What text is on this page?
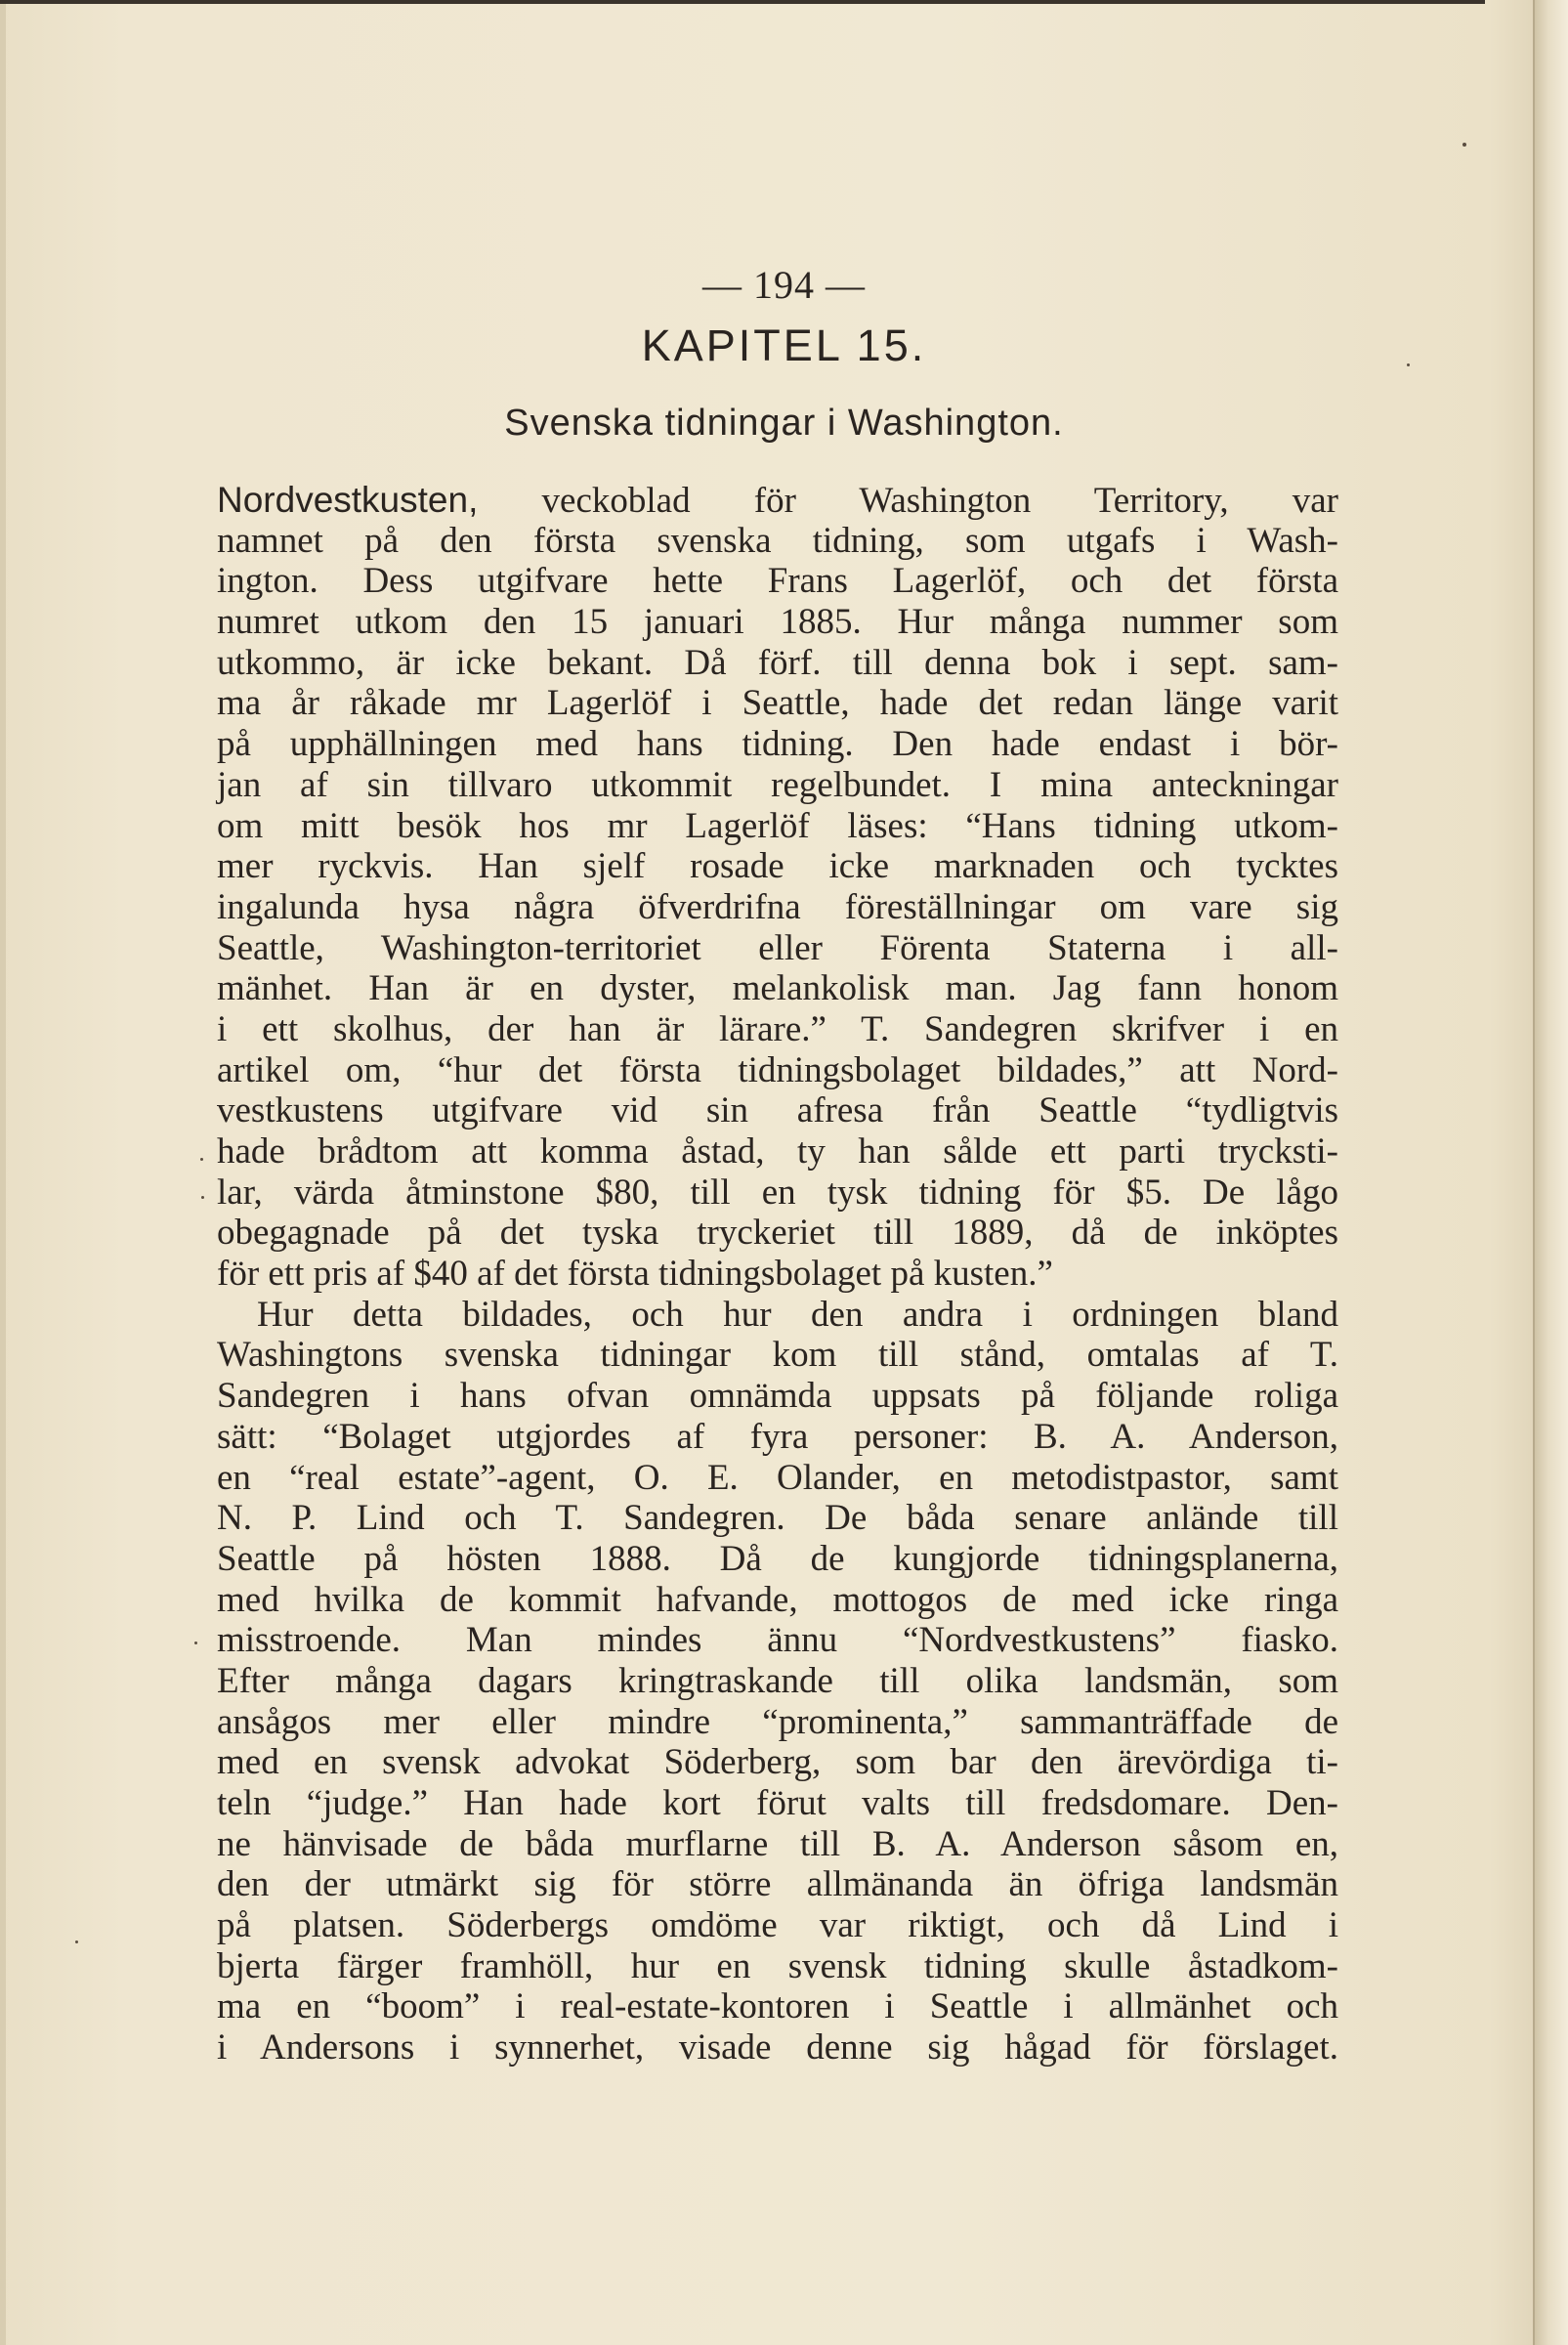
— 194 —
KAPITEL 15.
Svenska tidningar i Washington.
Nordvestkusten, veckoblad för Washington Territory, var
namnet på den första svenska tidning, som utgafs i Wash-
ington. Dess utgifvare hette Frans Lagerlöf, och det första
numret utkom den 15 januari 1885. Hur många nummer som
utkommo, är icke bekant. Då förf. till denna bok i sept. sam-
ma år råkade mr Lagerlöf i Seattle, hade det redan länge varit
på upphällningen med hans tidning. Den hade endast i bör-
jan af sin tillvaro utkommit regelbundet. I mina anteckningar
om mitt besök hos mr Lagerlöf läses: “Hans tidning utkom-
mer ryckvis. Han sjelf rosade icke marknaden och tycktes
ingalunda hysa några öfverdrifna föreställningar om vare sig
Seattle, Washington-territoriet eller Förenta Staterna i all-
mänhet. Han är en dyster, melankolisk man. Jag fann honom
i ett skolhus, der han är lärare.” T. Sandegren skrifver i en
artikel om, “hur det första tidningsbolaget bildades,” att Nord-
vestkustens utgifvare vid sin afresa från Seattle “tydligtvis
hade brådtom att komma åstad, ty han sålde ett parti trycksti-
lar, värda åtminstone $80, till en tysk tidning för $5. De lågo
obegagnade på det tyska tryckeriet till 1889, då de inköptes
för ett pris af $40 af det första tidningsbolaget på kusten.”
Hur detta bildades, och hur den andra i ordningen bland
Washingtons svenska tidningar kom till stånd, omtalas af T.
Sandegren i hans ofvan omnämda uppsats på följande roliga
sätt: “Bolaget utgjordes af fyra personer: B. A. Anderson,
en “real estate”-agent, O. E. Olander, en metodistpastor, samt
N. P. Lind och T. Sandegren. De båda senare anlände till
Seattle på hösten 1888. Då de kungjorde tidningsplanerna,
med hvilka de kommit hafvande, mottogos de med icke ringa
misstroende. Man mindes ännu “Nordvestkustens” fiasko.
Efter många dagars kringtraskande till olika landsmän, som
ansågos mer eller mindre “prominenta,” sammanträffade de
med en svensk advokat Söderberg, som bar den ärevördiga ti-
teln “judge.” Han hade kort förut valts till fredsdomare. Den-
ne hänvisade de båda murflarne till B. A. Anderson såsom en,
den der utmärkt sig för större allmänanda än öfriga landsmän
på platsen. Söderbergs omdöme var riktigt, och då Lind i
bjerta färger framhöll, hur en svensk tidning skulle åstadkom-
ma en “boom” i real-estate-kontoren i Seattle i allmänhet och
i Andersons i synnerhet, visade denne sig hågad för förslaget.
